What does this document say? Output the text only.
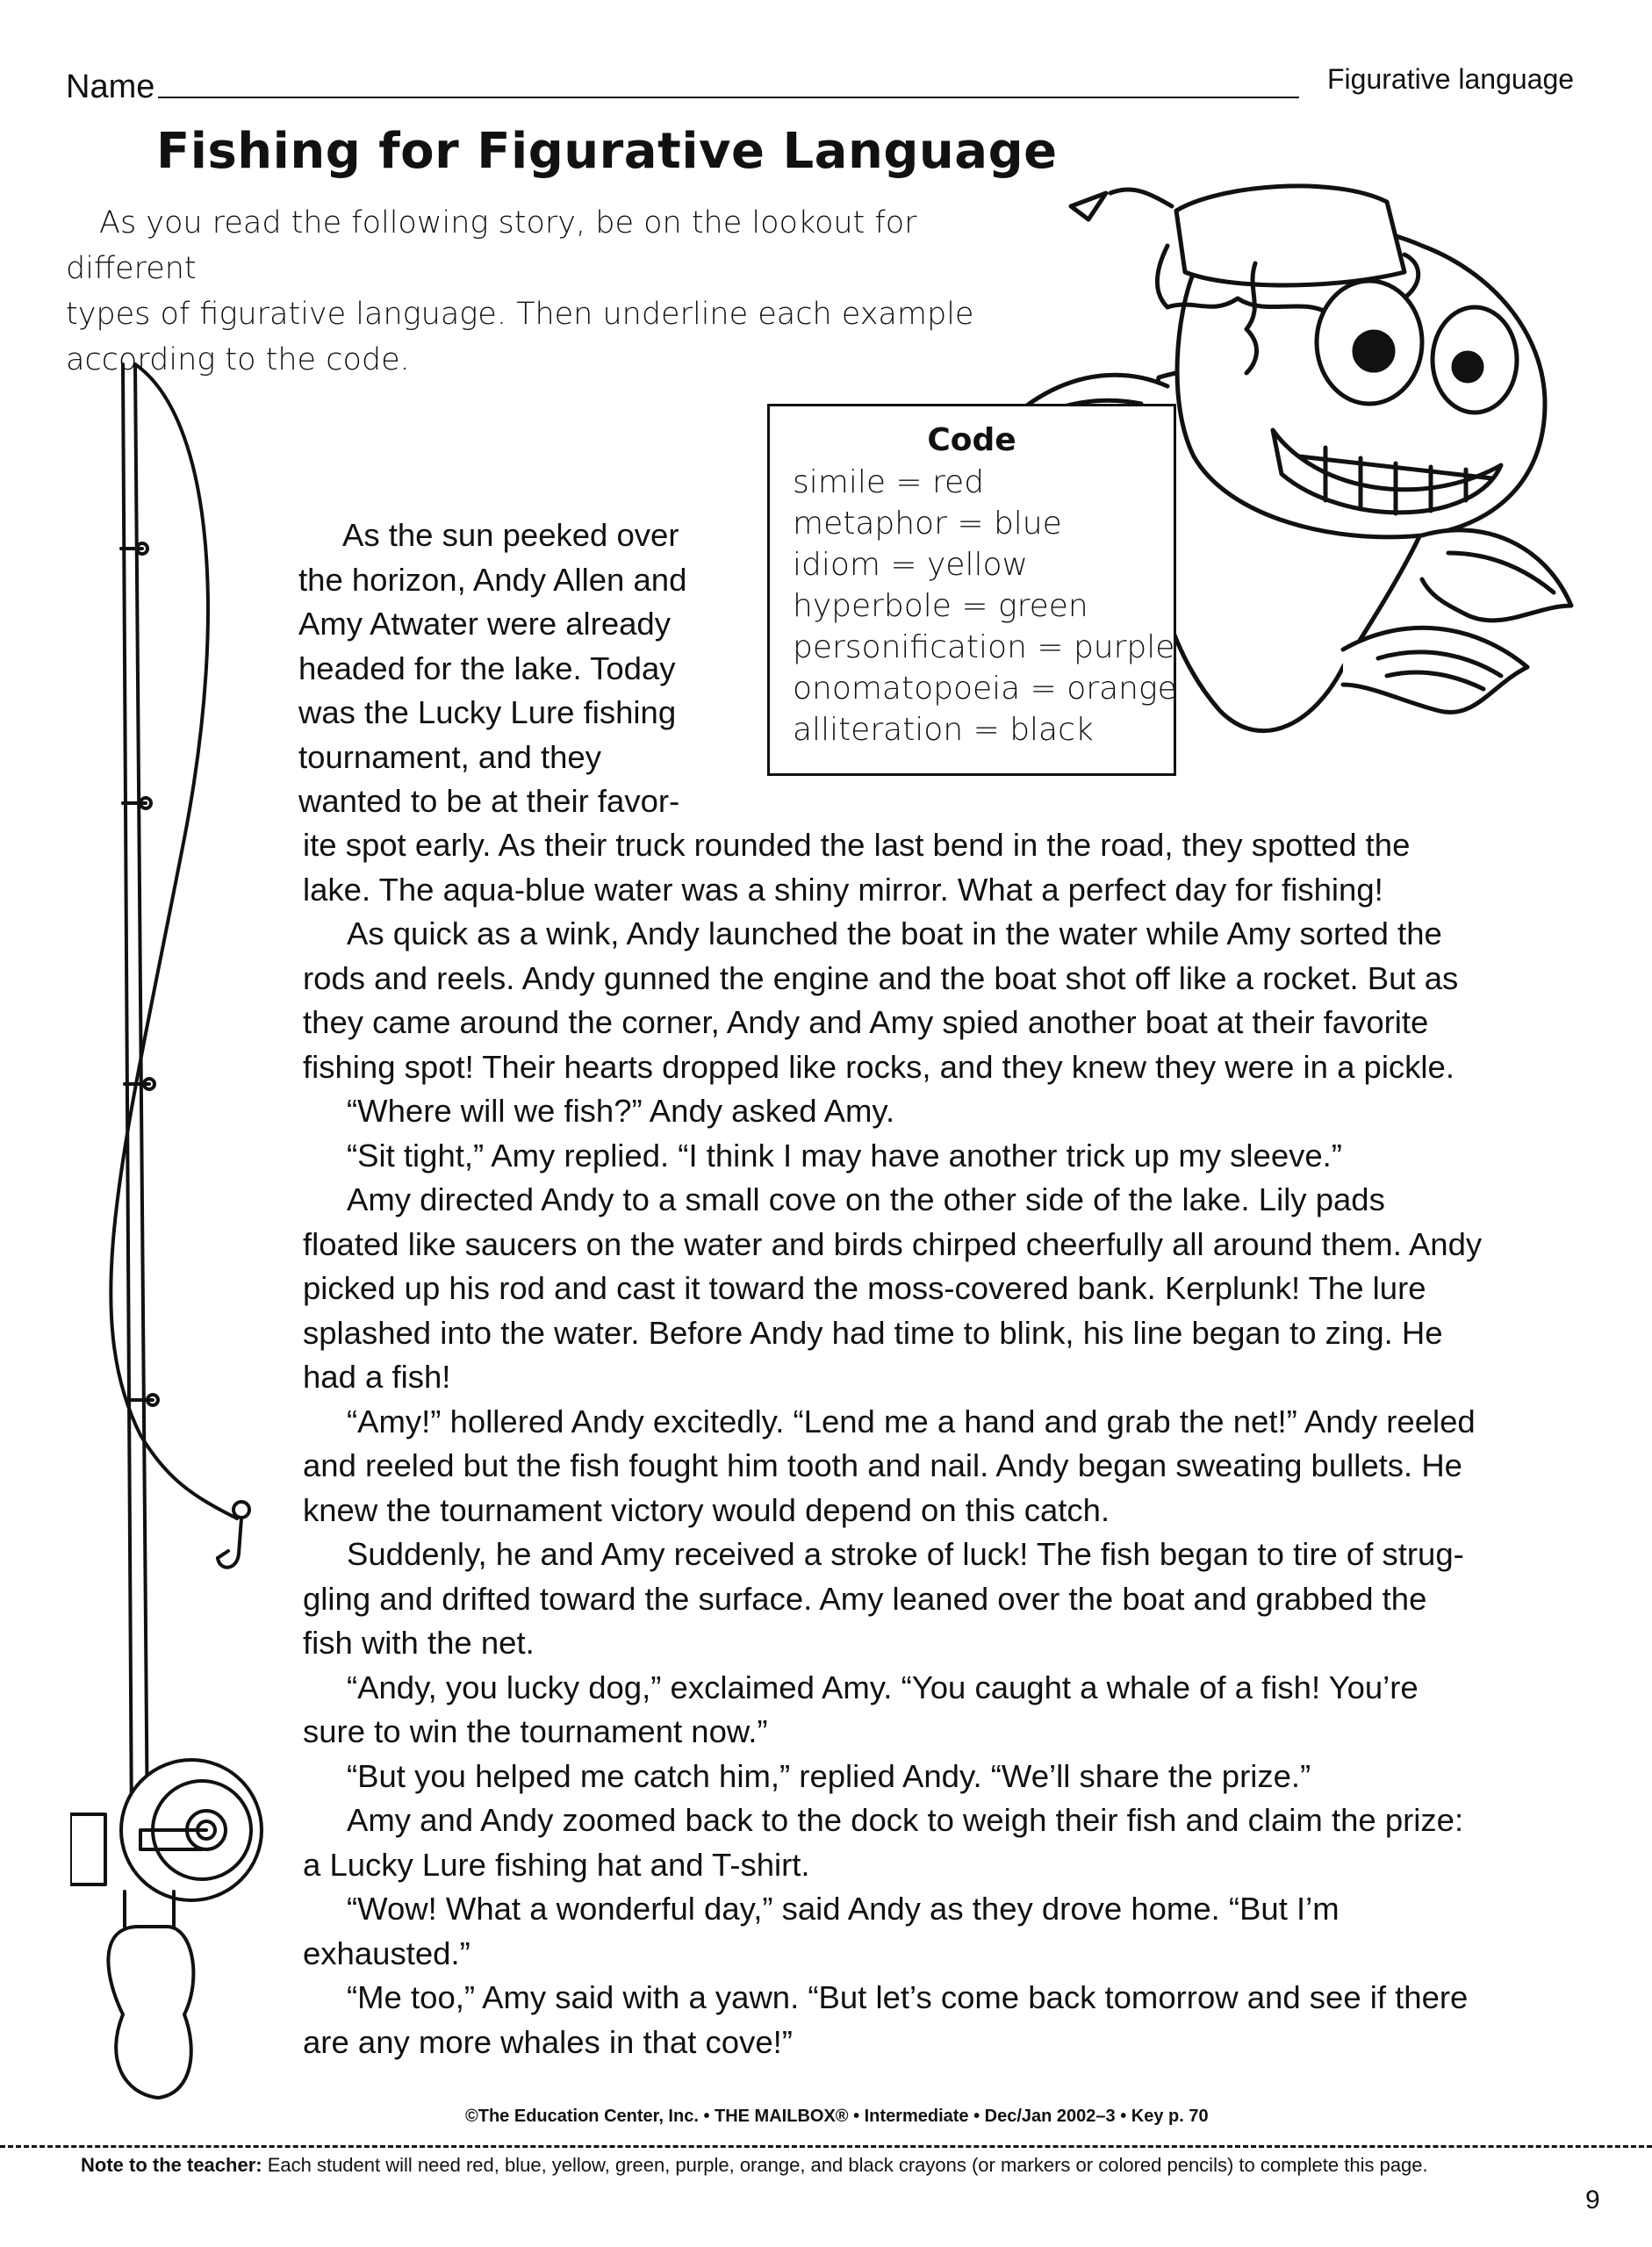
Name	Figurative language
Fishing for Figurative Language

As you read the following story, be on the lookout for different

types of figurative language. Then underline each example

according to the code.

Code
simile = red
metaphor = blue
idiom = yellow
hyperbole = green
personification = purple
onomatopoeia = orange
alliteration = black

As the sun peeked over

the horizon, Andy Allen and

Amy Atwater were already

headed for the lake. Today

was the Lucky Lure fishing

tournament, and they

wanted to be at their favor-

ite spot early. As their truck rounded the last bend in the road, they spotted the

lake. The aqua-blue water was a shiny mirror. What a perfect day for fishing!

As quick as a wink, Andy launched the boat in the water while Amy sorted the

rods and reels. Andy gunned the engine and the boat shot off like a rocket. But as

they came around the corner, Andy and Amy spied another boat at their favorite

fishing spot! Their hearts dropped like rocks, and they knew they were in a pickle.

“Where will we fish?” Andy asked Amy.

“Sit tight,” Amy replied. “I think I may have another trick up my sleeve.”

Amy directed Andy to a small cove on the other side of the lake. Lily pads

floated like saucers on the water and birds chirped cheerfully all around them. Andy

picked up his rod and cast it toward the moss-covered bank. Kerplunk! The lure

splashed into the water. Before Andy had time to blink, his line began to zing. He

had a fish!

“Amy!” hollered Andy excitedly. “Lend me a hand and grab the net!” Andy reeled

and reeled but the fish fought him tooth and nail. Andy began sweating bullets. He

knew the tournament victory would depend on this catch.

Suddenly, he and Amy received a stroke of luck! The fish began to tire of strug-

gling and drifted toward the surface. Amy leaned over the boat and grabbed the

fish with the net.

“Andy, you lucky dog,” exclaimed Amy. “You caught a whale of a fish! You’re

sure to win the tournament now.”

“But you helped me catch him,” replied Andy. “We’ll share the prize.”

Amy and Andy zoomed back to the dock to weigh their fish and claim the prize:

a Lucky Lure fishing hat and T-shirt.

“Wow! What a wonderful day,” said Andy as they drove home. “But I’m

exhausted.”

“Me too,” Amy said with a yawn. “But let’s come back tomorrow and see if there

are any more whales in that cove!”

©The Education Center, Inc. • THE MAILBOX® • Intermediate • Dec/Jan 2002–3 • Key p. 70
Note to the teacher: Each student will need red, blue, yellow, green, purple, orange, and black crayons (or markers or colored pencils) to complete this page.
9
